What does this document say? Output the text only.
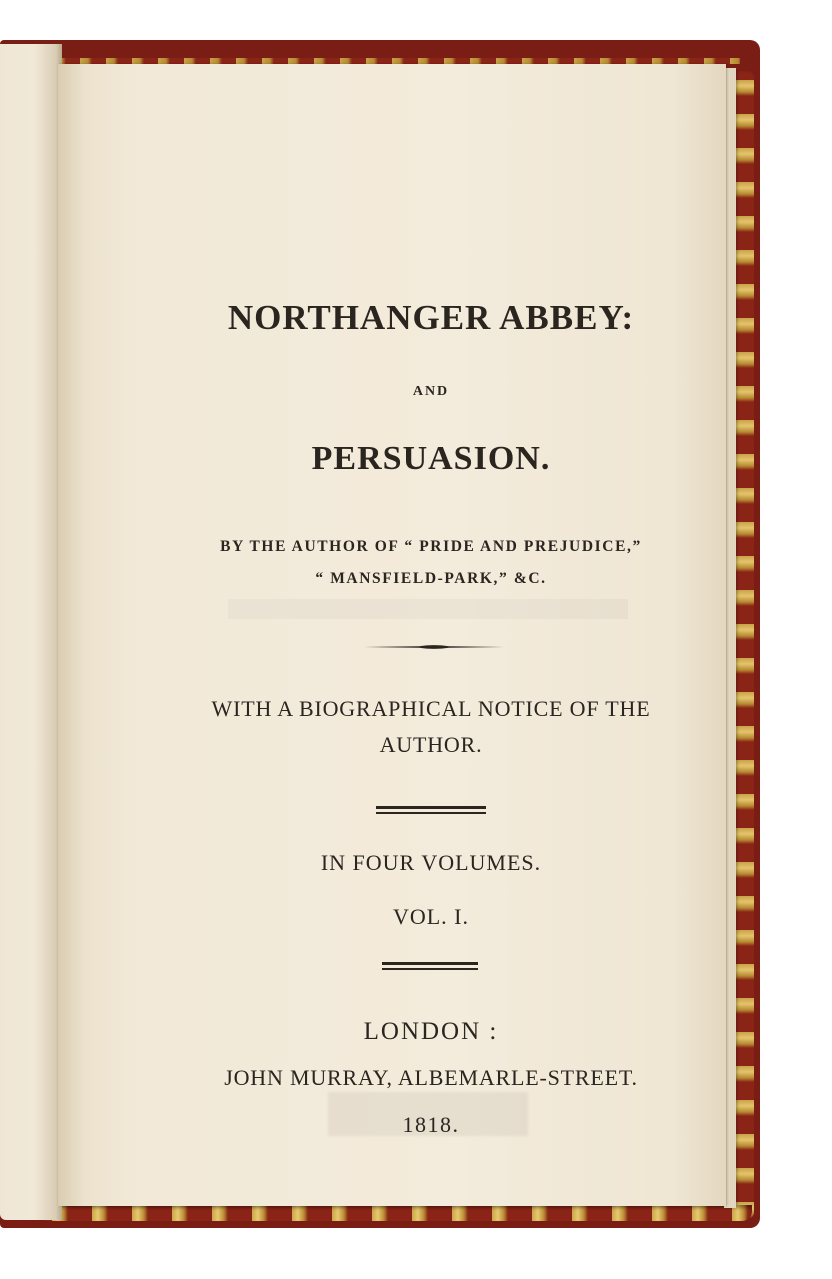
NORTHANGER ABBEY:
AND
PERSUASION.
BY THE AUTHOR OF “ PRIDE AND PREJUDICE,”
“ MANSFIELD-PARK,” &C.
WITH A BIOGRAPHICAL NOTICE OF THE
AUTHOR.
IN FOUR VOLUMES.
VOL. I.
LONDON :
JOHN MURRAY, ALBEMARLE-STREET.
1818.
